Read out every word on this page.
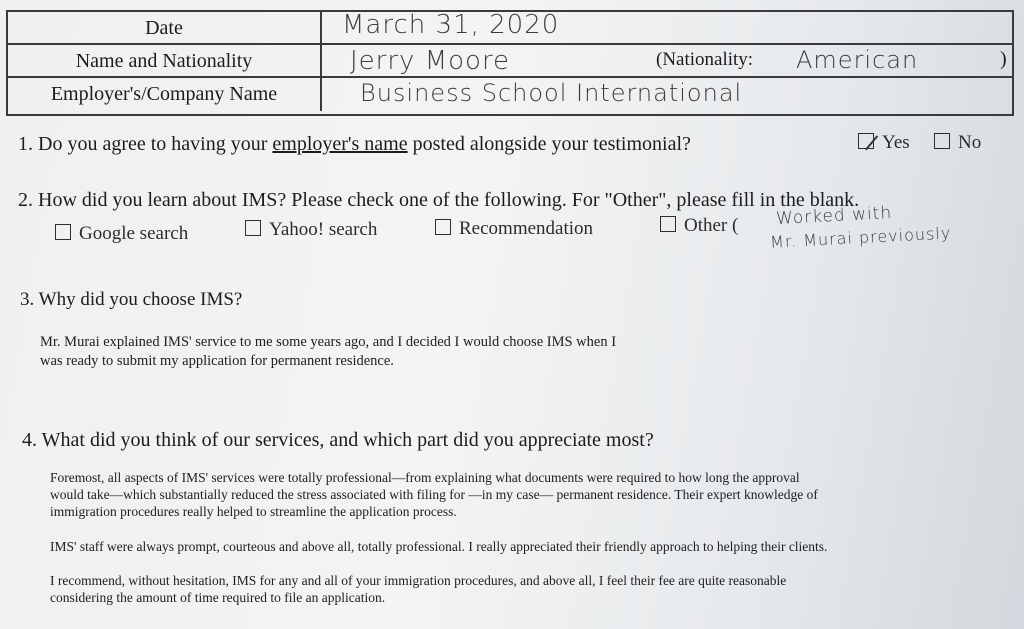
Date	March 31, 2020
Name and Nationality	Jerry Moore	(Nationality: American	)
Employer's/Company Name	Business School International
1. Do you agree to having your employer's name posted alongside your testimonial?	Yes	No
2. How did you learn about IMS? Please check one of the following. For "Other", please fill in the blank.
Google search	Yahoo! search	Recommendation	Other ( Worked with
Mr. Murai previously
3. Why did you choose IMS?
Mr. Murai explained IMS' service to me some years ago, and I decided I would choose IMS when I
was ready to submit my application for permanent residence.
4. What did you think of our services, and which part did you appreciate most?
Foremost, all aspects of IMS' services were totally professional—from explaining what documents were required to how long the approval
would take—which substantially reduced the stress associated with filing for —in my case— permanent residence. Their expert knowledge of
immigration procedures really helped to streamline the application process.
IMS' staff were always prompt, courteous and above all, totally professional. I really appreciated their friendly approach to helping their clients.
I recommend, without hesitation, IMS for any and all of your immigration procedures, and above all, I feel their fee are quite reasonable
considering the amount of time required to file an application.
